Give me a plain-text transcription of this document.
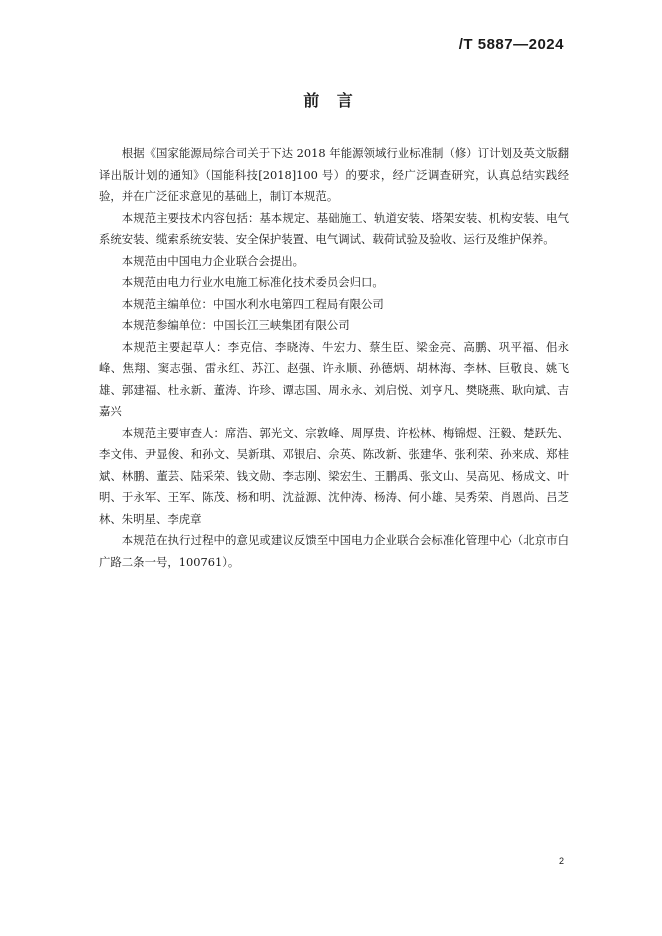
/T 5887—2024
前 言

根据《国家能源局综合司关于下达 2018 年能源领域行业标准制（修）订计划及英文版翻译出版计划的通知》（国能科技[2018]100 号）的要求，经广泛调查研究，认真总结实践经验，并在广泛征求意见的基础上，制订本规范。

本规范主要技术内容包括：基本规定、基础施工、轨道安装、塔架安装、机构安装、电气系统安装、缆索系统安装、安全保护装置、电气调试、载荷试验及验收、运行及维护保养。

本规范由中国电力企业联合会提出。

本规范由电力行业水电施工标准化技术委员会归口。

本规范主编单位：中国水利水电第四工程局有限公司

本规范参编单位：中国长江三峡集团有限公司

本规范主要起草人：李克信、李晓涛、牛宏力、蔡生臣、梁金亮、高鹏、巩平福、佀永峰、焦翔、窦志强、雷永红、苏江、赵强、许永顺、孙德炳、胡林海、李林、巨敬良、姚飞雄、郭建福、杜永新、董涛、许珍、谭志国、周永永、刘启悦、刘亨凡、樊晓燕、耿向斌、吉嘉兴

本规范主要审查人：席浩、郭光文、宗敦峰、周厚贵、许松林、梅锦煜、汪毅、楚跃先、李文伟、尹显俊、和孙文、吴新琪、邓银启、佘英、陈改新、张建华、张利荣、孙来成、郑桂斌、林鹏、董芸、陆采荣、钱文勋、李志刚、梁宏生、王鹏禹、张文山、吴高见、杨成文、叶明、于永军、王军、陈茂、杨和明、沈益源、沈仲涛、杨涛、何小雄、吴秀荣、肖恩尚、吕芝林、朱明星、李虎章

本规范在执行过程中的意见或建议反馈至中国电力企业联合会标准化管理中心（北京市白广路二条一号，100761）。

2
